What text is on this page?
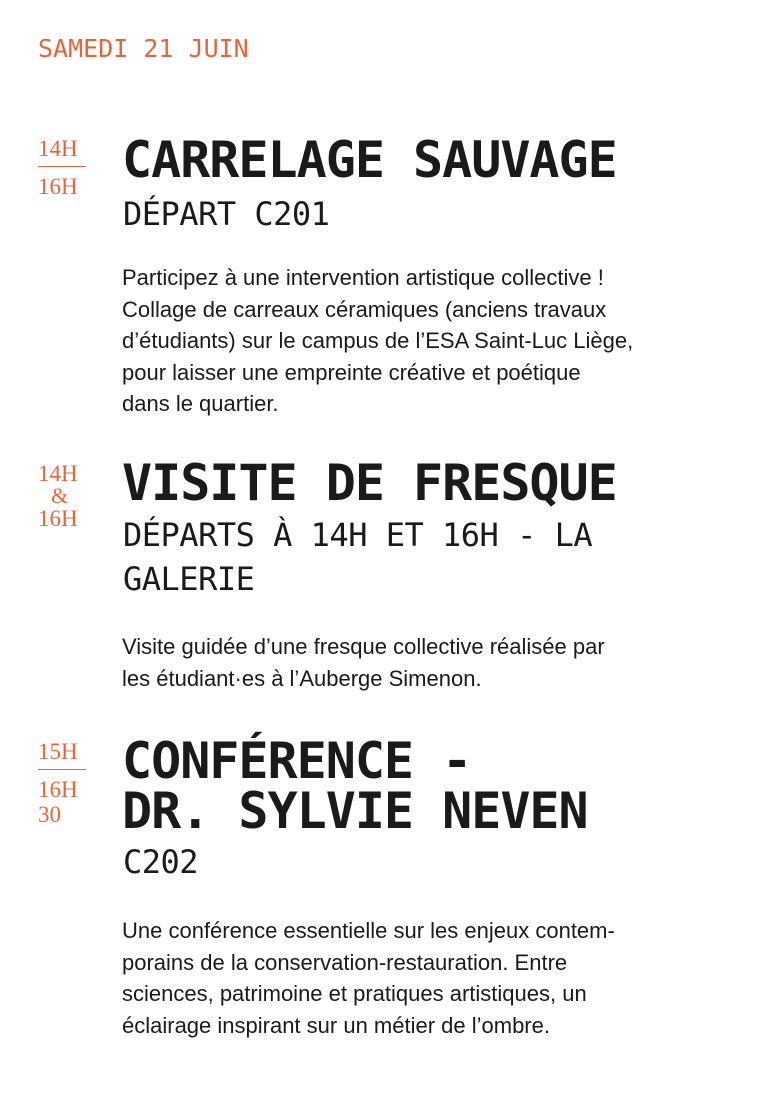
SAMEDI 21 JUIN
14H
16H CARRELAGE SAUVAGE
DÉPART C201
Participez à une intervention artistique collective !
Collage de carreaux céramiques (anciens travaux
d’étudiants) sur le campus de l’ESA Saint-Luc Liège,
pour laisser une empreinte créative et poétique
dans le quartier.
14H
&
16H
VISITE DE FRESQUE
DÉPARTS À 14H ET 16H - LA
GALERIE
Visite guidée d’une fresque collective réalisée par
les étudiant·es à l’Auberge Simenon.
15H
16H
30
CONFÉRENCE -
DR. SYLVIE NEVEN
C202
Une conférence essentielle sur les enjeux contem-
porains de la conservation-restauration. Entre
sciences, patrimoine et pratiques artistiques, un
éclairage inspirant sur un métier de l’ombre.
